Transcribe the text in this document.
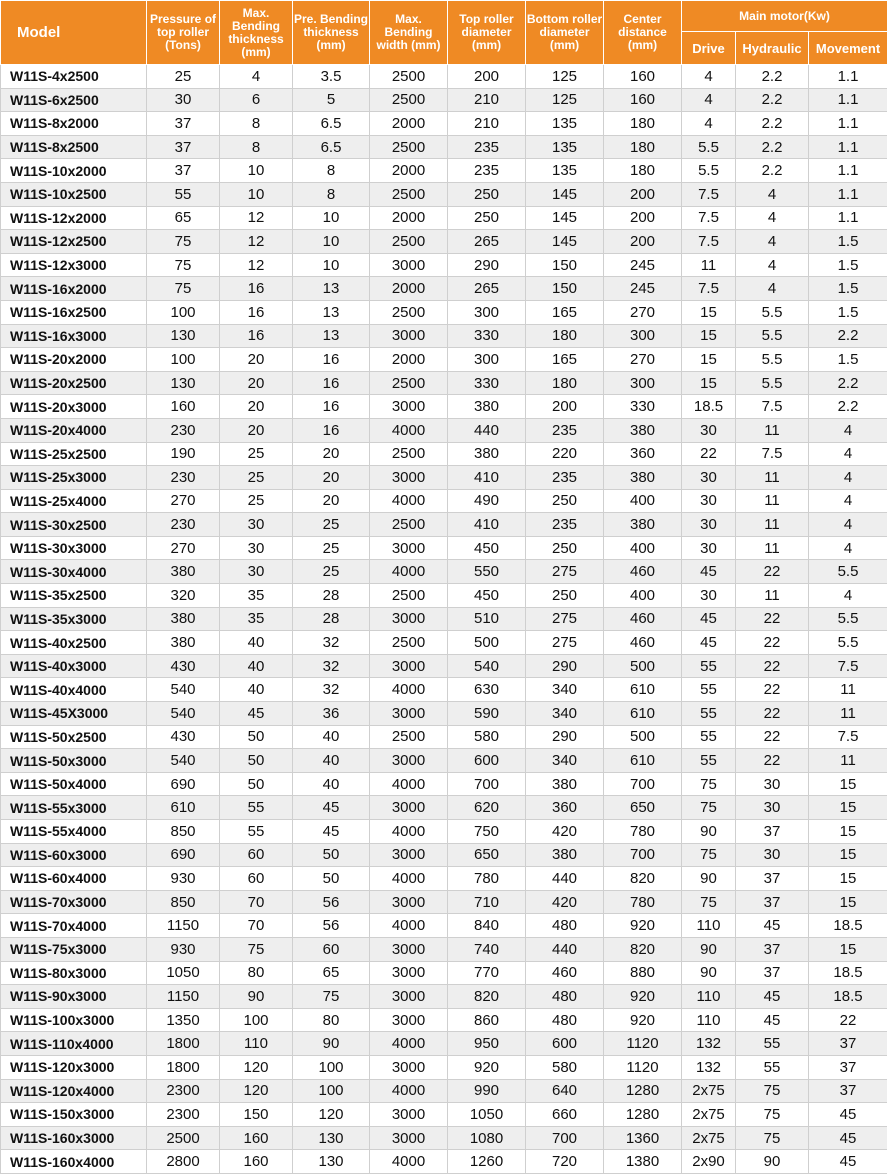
Model	Pressure of top roller (Tons)	Max. Bending thickness (mm)	Pre. Bending thickness (mm)	Max. Bending width (mm)	Top roller diameter (mm)	Bottom roller diameter (mm)	Center distance (mm)	Main motor(Kw)		
								Drive	Hydraulic	Movement
W11S-4x2500	25	4	3.5	2500	200	125	160	4	2.2	1.1
W11S-6x2500	30	6	5	2500	210	125	160	4	2.2	1.1
W11S-8x2000	37	8	6.5	2000	210	135	180	4	2.2	1.1
W11S-8x2500	37	8	6.5	2500	235	135	180	5.5	2.2	1.1
W11S-10x2000	37	10	8	2000	235	135	180	5.5	2.2	1.1
W11S-10x2500	55	10	8	2500	250	145	200	7.5	4	1.1
W11S-12x2000	65	12	10	2000	250	145	200	7.5	4	1.1
W11S-12x2500	75	12	10	2500	265	145	200	7.5	4	1.5
W11S-12x3000	75	12	10	3000	290	150	245	11	4	1.5
W11S-16x2000	75	16	13	2000	265	150	245	7.5	4	1.5
W11S-16x2500	100	16	13	2500	300	165	270	15	5.5	1.5
W11S-16x3000	130	16	13	3000	330	180	300	15	5.5	2.2
W11S-20x2000	100	20	16	2000	300	165	270	15	5.5	1.5
W11S-20x2500	130	20	16	2500	330	180	300	15	5.5	2.2
W11S-20x3000	160	20	16	3000	380	200	330	18.5	7.5	2.2
W11S-20x4000	230	20	16	4000	440	235	380	30	11	4
W11S-25x2500	190	25	20	2500	380	220	360	22	7.5	4
W11S-25x3000	230	25	20	3000	410	235	380	30	11	4
W11S-25x4000	270	25	20	4000	490	250	400	30	11	4
W11S-30x2500	230	30	25	2500	410	235	380	30	11	4
W11S-30x3000	270	30	25	3000	450	250	400	30	11	4
W11S-30x4000	380	30	25	4000	550	275	460	45	22	5.5
W11S-35x2500	320	35	28	2500	450	250	400	30	11	4
W11S-35x3000	380	35	28	3000	510	275	460	45	22	5.5
W11S-40x2500	380	40	32	2500	500	275	460	45	22	5.5
W11S-40x3000	430	40	32	3000	540	290	500	55	22	7.5
W11S-40x4000	540	40	32	4000	630	340	610	55	22	11
W11S-45X3000	540	45	36	3000	590	340	610	55	22	11
W11S-50x2500	430	50	40	2500	580	290	500	55	22	7.5
W11S-50x3000	540	50	40	3000	600	340	610	55	22	11
W11S-50x4000	690	50	40	4000	700	380	700	75	30	15
W11S-55x3000	610	55	45	3000	620	360	650	75	30	15
W11S-55x4000	850	55	45	4000	750	420	780	90	37	15
W11S-60x3000	690	60	50	3000	650	380	700	75	30	15
W11S-60x4000	930	60	50	4000	780	440	820	90	37	15
W11S-70x3000	850	70	56	3000	710	420	780	75	37	15
W11S-70x4000	1150	70	56	4000	840	480	920	110	45	18.5
W11S-75x3000	930	75	60	3000	740	440	820	90	37	15
W11S-80x3000	1050	80	65	3000	770	460	880	90	37	18.5
W11S-90x3000	1150	90	75	3000	820	480	920	110	45	18.5
W11S-100x3000	1350	100	80	3000	860	480	920	110	45	22
W11S-110x4000	1800	110	90	4000	950	600	1120	132	55	37
W11S-120x3000	1800	120	100	3000	920	580	1120	132	55	37
W11S-120x4000	2300	120	100	4000	990	640	1280	2x75	75	37
W11S-150x3000	2300	150	120	3000	1050	660	1280	2x75	75	45
W11S-160x3000	2500	160	130	3000	1080	700	1360	2x75	75	45
W11S-160x4000	2800	160	130	4000	1260	720	1380	2x90	90	45
